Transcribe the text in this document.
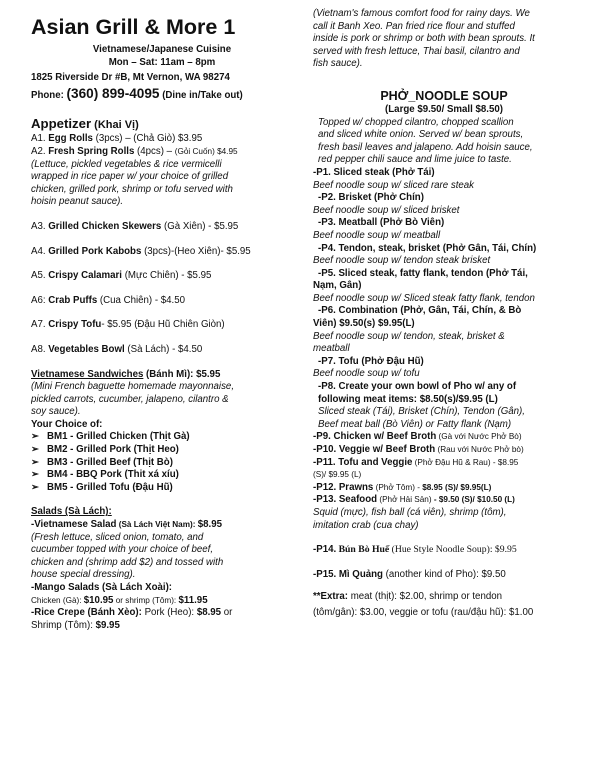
Asian Grill & More 1
Vietnamese/Japanese Cuisine
Mon – Sat: 11am – 8pm
1825 Riverside Dr #B, Mt Vernon, WA 98274
Phone: (360) 899-4095 (Dine in/Take out)
Appetizer (Khai Vị)
A1. Egg Rolls (3pcs) – (Chả Giò) $3.95
A2. Fresh Spring Rolls (4pcs) – (Gỏi Cuốn) $4.95
(Lettuce, pickled vegetables & rice vermicelli
wrapped in rice paper w/ your choice of grilled
chicken, grilled pork, shrimp or tofu served with
hoisin peanut sauce).
A3. Grilled Chicken Skewers (Gà Xiên) - $5.95
A4. Grilled Pork Kabobs (3pcs)-(Heo Xiên)- $5.95
A5. Crispy Calamari (Mực Chiên) - $5.95
A6: Crab Puffs (Cua Chiên) - $4.50
A7. Crispy Tofu- $5.95 (Đậu Hũ Chiên Giòn)
A8. Vegetables Bowl (Sà Lách) - $4.50
Vietnamese Sandwiches (Bánh Mì): $5.95
(Mini French baguette homemade mayonnaise,
pickled carrots, cucumber, jalapeno, cilantro &
soy sauce).
Your Choice of:
➢ BM1 - Grilled Chicken (Thịt Gà)
➢ BM2 - Grilled Pork (Thịt Heo)
➢ BM3 - Grilled Beef (Thịt Bò)
➢ BM4 - BBQ Pork (Thit xá xíu)
➢ BM5 - Grilled Tofu (Đậu Hũ)
Salads (Sà Lách):
-Vietnamese Salad (Sà Lách Việt Nam): $8.95
(Fresh lettuce, sliced onion, tomato, and
cucumber topped with your choice of beef,
chicken and (shrimp add $2) and tossed with
house special dressing).
-Mango Salads (Sà Lách Xoài):
Chicken (Gà): $10.95 or shrimp (Tôm): $11.95
-Rice Crepe (Bánh Xèo): Pork (Heo): $8.95 or
Shrimp (Tôm): $9.95
(Vietnam's famous comfort food for rainy days. We
call it Banh Xeo. Pan fried rice flour and stuffed
inside is pork or shrimp or both with bean sprouts. It
served with fresh lettuce, Thai basil, cilantro and
fish sauce).
PHỞ_NOODLE SOUP
(Large $9.50/ Small $8.50)
Topped w/ chopped cilantro, chopped scallion
and sliced white onion. Served w/ bean sprouts,
fresh basil leaves and jalapeno. Add hoisin sauce,
red pepper chili sauce and lime juice to taste.
-P1. Sliced steak (Phở Tái)
Beef noodle soup w/ sliced rare steak
-P2. Brisket (Phở Chín)
Beef noodle soup w/ sliced brisket
-P3. Meatball (Phở Bò Viên)
Beef noodle soup w/ meatball
-P4. Tendon, steak, brisket (Phở Gân, Tái, Chín)
Beef noodle soup w/ tendon steak brisket
-P5. Sliced steak, fatty flank, tendon (Phở Tái,
Nạm, Gân)
Beef noodle soup w/ Sliced steak fatty flank, tendon
-P6. Combination (Phở, Gân, Tái, Chín, & Bò
Viên) $9.50(s) $9.95(L)
Beef noodle soup w/ tendon, steak, brisket &
meatball
-P7. Tofu (Phở Đậu Hũ)
Beef noodle soup w/ tofu
-P8. Create your own bowl of Pho w/ any of
following meat items: $8.50(s)/$9.95 (L)
Sliced steak (Tái), Brisket (Chín), Tendon (Gân),
Beef meat ball (Bò Viên) or Fatty flank (Nạm)
-P9. Chicken w/ Beef Broth (Gà với Nước Phở Bò)
-P10. Veggie w/ Beef Broth (Rau với Nước Phở bò)
-P11. Tofu and Veggie (Phở Đậu Hũ & Rau) - $8.95
(S)/ $9.95 (L)
-P12. Prawns (Phở Tôm) - $8.95 (S)/ $9.95(L)
-P13. Seafood (Phở Hải Sản) - $9.50 (S)/ $10.50 (L)
Squid (mực), fish ball (cá viên), shrimp (tôm),
imitation crab (cua chay)
-P14. Bún Bò Huế (Hue Style Noodle Soup): $9.95
-P15. Mì Quảng (another kind of Pho): $9.50
**Extra: meat (thịt): $2.00, shrimp or tendon
(tôm/gân): $3.00, veggie or tofu (rau/đậu hũ): $1.00
